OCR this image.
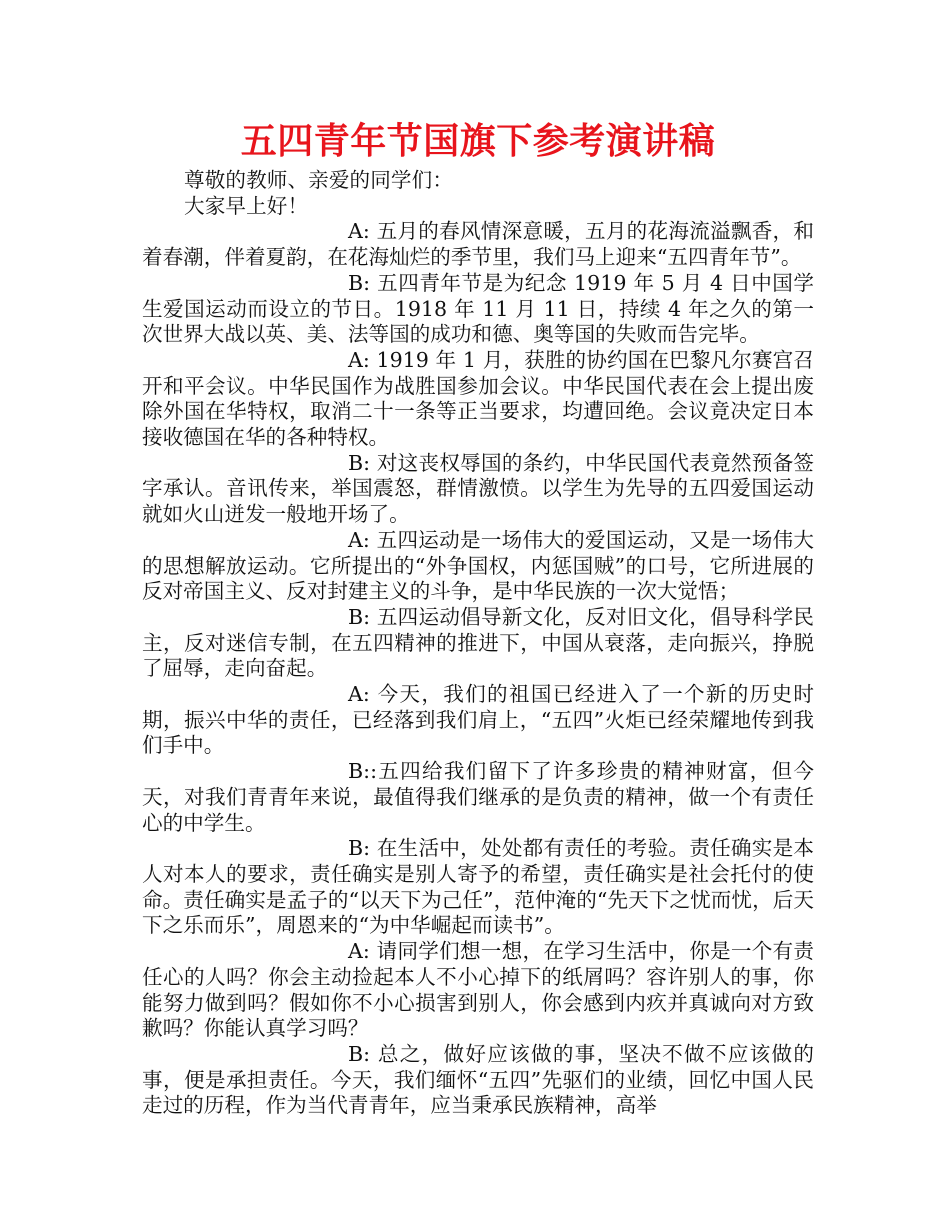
五四青年节国旗下参考演讲稿
尊敬的教师、亲爱的同学们：
大家早上好！

A: 五月的春风情深意暖，五月的花海流溢飘香，和着春潮，伴着夏韵，在花海灿烂的季节里，我们马上迎来“五四青年节”。

B: 五四青年节是为纪念 1919 年 5 月 4 日中国学生爱国运动而设立的节日。1918 年 11 月 11 日，持续 4 年之久的第一次世界大战以英、美、法等国的成功和德、奥等国的失败而告完毕。

A: 1919 年 1 月，获胜的协约国在巴黎凡尔赛宫召开和平会议。中华民国作为战胜国参加会议。中华民国代表在会上提出废除外国在华特权，取消二十一条等正当要求，均遭回绝。会议竟决定日本接收德国在华的各种特权。

B: 对这丧权辱国的条约，中华民国代表竟然预备签字承认。音讯传来，举国震怒，群情激愤。以学生为先导的五四爱国运动就如火山迸发一般地开场了。

A: 五四运动是一场伟大的爱国运动，又是一场伟大的思想解放运动。它所提出的“外争国权，内惩国贼”的口号，它所进展的反对帝国主义、反对封建主义的斗争，是中华民族的一次大觉悟；

B: 五四运动倡导新文化，反对旧文化，倡导科学民主，反对迷信专制，在五四精神的推进下，中国从衰落，走向振兴，挣脱了屈辱，走向奋起。

A: 今天，我们的祖国已经进入了一个新的历史时期，振兴中华的责任，已经落到我们肩上，“五四”火炬已经荣耀地传到我们手中。

B::五四给我们留下了许多珍贵的精神财富，但今天，对我们青青年来说，最值得我们继承的是负责的精神，做一个有责任心的中学生。

B: 在生活中，处处都有责任的考验。责任确实是本人对本人的要求，责任确实是别人寄予的希望，责任确实是社会托付的使命。责任确实是孟子的“以天下为己任”，范仲淹的“先天下之忧而忧，后天下之乐而乐”，周恩来的“为中华崛起而读书”。

A: 请同学们想一想，在学习生活中，你是一个有责任心的人吗？你会主动捡起本人不小心掉下的纸屑吗？容许别人的事，你能努力做到吗？假如你不小心损害到别人，你会感到内疚并真诚向对方致歉吗？你能认真学习吗？

B: 总之，做好应该做的事，坚决不做不应该做的事，便是承担责任。今天，我们缅怀“五四”先驱们的业绩，回忆中国人民走过的历程，作为当代青青年，应当秉承民族精神，高举
